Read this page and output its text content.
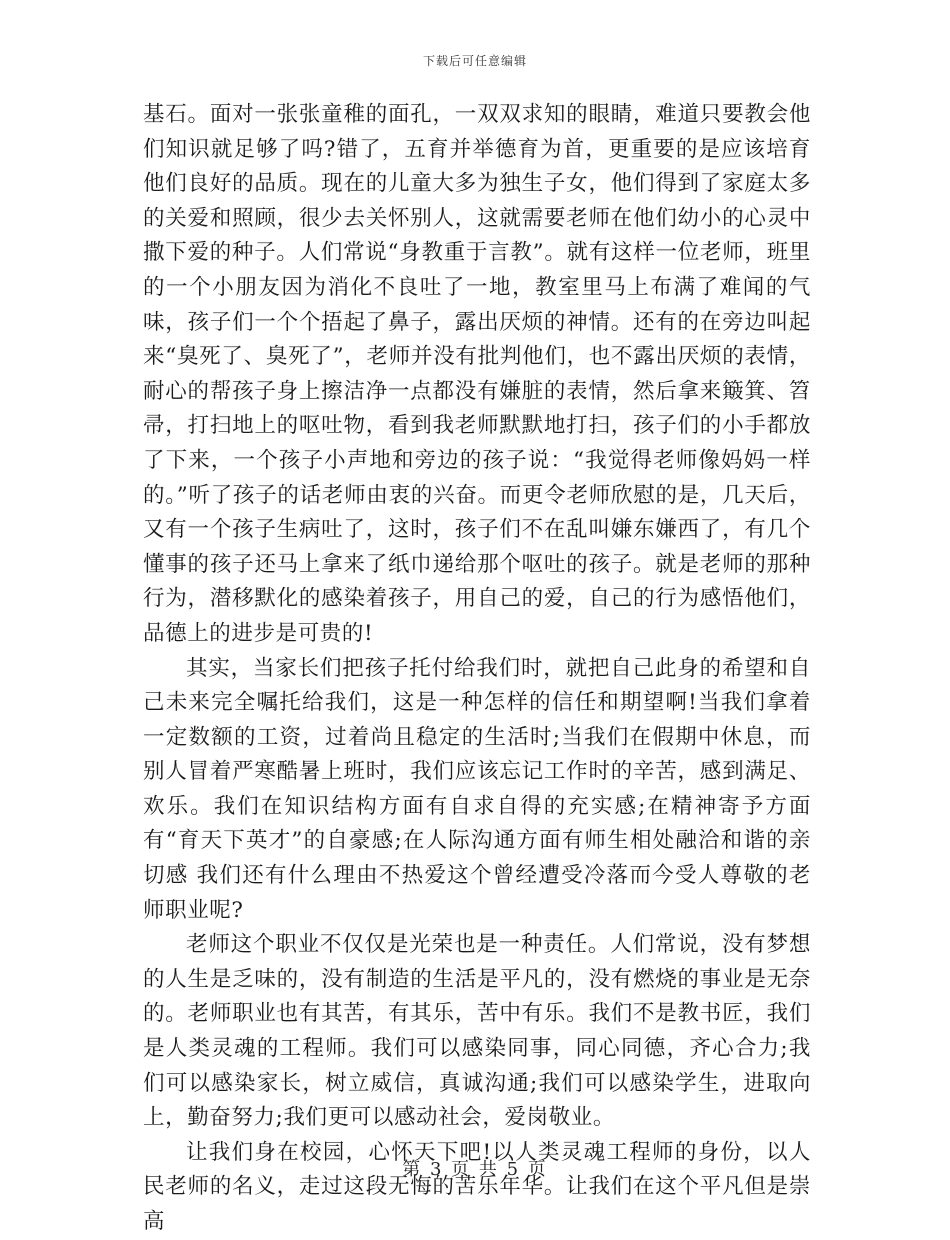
下载后可任意编辑

基石。面对一张张童稚的面孔，一双双求知的眼睛，难道只要教会他们知识就足够了吗?错了，五育并举德育为首，更重要的是应该培育他们良好的品质。现在的儿童大多为独生子女，他们得到了家庭太多的关爱和照顾，很少去关怀别人，这就需要老师在他们幼小的心灵中撒下爱的种子。人们常说“身教重于言教”。就有这样一位老师，班里的一个小朋友因为消化不良吐了一地，教室里马上布满了难闻的气味，孩子们一个个捂起了鼻子，露出厌烦的神情。还有的在旁边叫起来“臭死了、臭死了”，老师并没有批判他们，也不露出厌烦的表情，耐心的帮孩子身上擦洁净一点都没有嫌脏的表情，然后拿来簸箕、笤帚，打扫地上的呕吐物，看到我老师默默地打扫，孩子们的小手都放了下来，一个孩子小声地和旁边的孩子说：“我觉得老师像妈妈一样的。”听了孩子的话老师由衷的兴奋。而更令老师欣慰的是，几天后，又有一个孩子生病吐了，这时，孩子们不在乱叫嫌东嫌西了，有几个懂事的孩子还马上拿来了纸巾递给那个呕吐的孩子。就是老师的那种行为，潜移默化的感染着孩子，用自己的爱，自己的行为感悟他们，品德上的进步是可贵的!

其实，当家长们把孩子托付给我们时，就把自己此身的希望和自己未来完全嘱托给我们，这是一种怎样的信任和期望啊!当我们拿着一定数额的工资，过着尚且稳定的生活时;当我们在假期中休息，而别人冒着严寒酷暑上班时，我们应该忘记工作时的辛苦，感到满足、欢乐。我们在知识结构方面有自求自得的充实感;在精神寄予方面有“育天下英才”的自豪感;在人际沟通方面有师生相处融洽和谐的亲切感 我们还有什么理由不热爱这个曾经遭受冷落而今受人尊敬的老师职业呢?

老师这个职业不仅仅是光荣也是一种责任。人们常说，没有梦想的人生是乏味的，没有制造的生活是平凡的，没有燃烧的事业是无奈的。老师职业也有其苦，有其乐，苦中有乐。我们不是教书匠，我们是人类灵魂的工程师。我们可以感染同事，同心同德，齐心合力;我们可以感染家长，树立威信，真诚沟通;我们可以感染学生，进取向上，勤奋努力;我们更可以感动社会，爱岗敬业。

让我们身在校园，心怀天下吧!以人类灵魂工程师的身份，以人民老师的名义，走过这段无悔的苦乐年华。让我们在这个平凡但是崇高

第 3 页 共 5 页
